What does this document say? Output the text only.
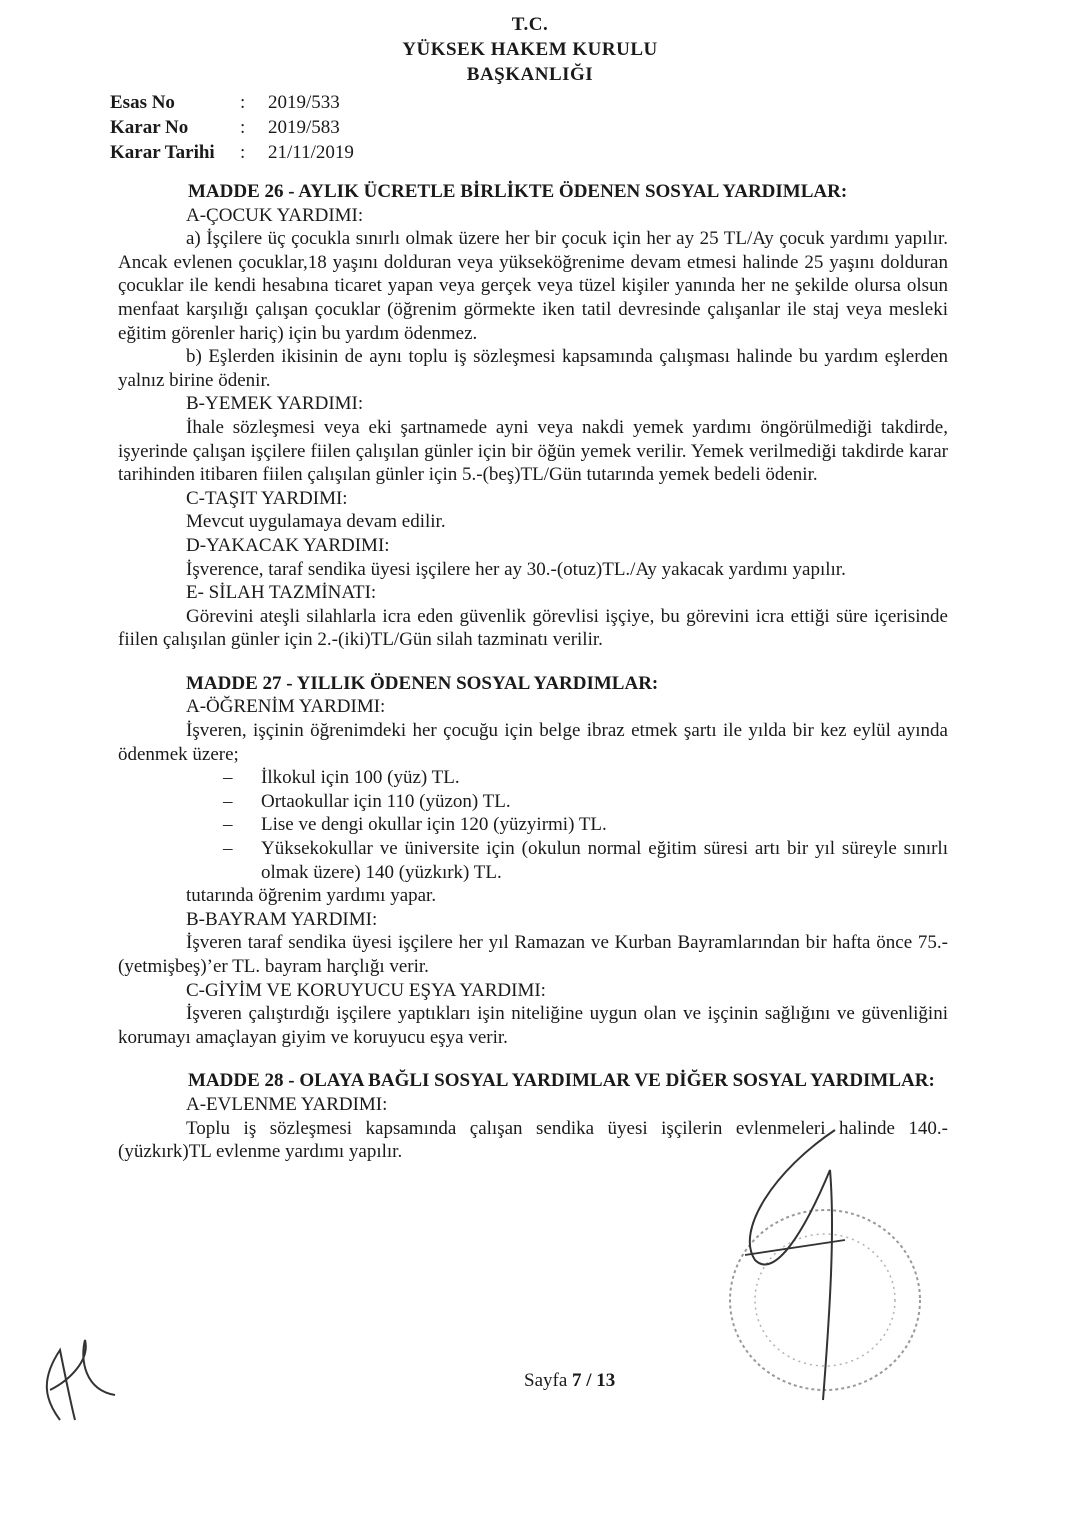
T.C.
YÜKSEK HAKEM KURULU
BAŞKANLIĞI
Esas No	:	2019/533
Karar No	:	2019/583
Karar Tarihi	:	21/11/2019
MADDE 26 - AYLIK ÜCRETLE BİRLİKTE ÖDENEN SOSYAL YARDIMLAR:
A-ÇOCUK YARDIMI:
a) İşçilere üç çocukla sınırlı olmak üzere her bir çocuk için her ay 25 TL/Ay çocuk yardımı yapılır. Ancak evlenen çocuklar,18 yaşını dolduran veya yükseköğrenime devam etmesi halinde 25 yaşını dolduran çocuklar ile kendi hesabına ticaret yapan veya gerçek veya tüzel kişiler yanında her ne şekilde olursa olsun menfaat karşılığı çalışan çocuklar (öğrenim görmekte iken tatil devresinde çalışanlar ile staj veya mesleki eğitim görenler hariç) için bu yardım ödenmez.
b) Eşlerden ikisinin de aynı toplu iş sözleşmesi kapsamında çalışması halinde bu yardım eşlerden yalnız birine ödenir.
B-YEMEK YARDIMI:
İhale sözleşmesi veya eki şartnamede ayni veya nakdi yemek yardımı öngörülmediği takdirde, işyerinde çalışan işçilere fiilen çalışılan günler için bir öğün yemek verilir. Yemek verilmediği takdirde karar tarihinden itibaren fiilen çalışılan günler için 5.-(beş)TL/Gün tutarında yemek bedeli ödenir.
C-TAŞIT YARDIMI:
Mevcut uygulamaya devam edilir.
D-YAKACAK YARDIMI:
İşverence, taraf sendika üyesi işçilere her ay 30.-(otuz)TL./Ay yakacak yardımı yapılır.
E- SİLAH TAZMİNATI:
Görevini ateşli silahlarla icra eden güvenlik görevlisi işçiye, bu görevini icra ettiği süre içerisinde fiilen çalışılan günler için 2.-(iki)TL/Gün silah tazminatı verilir.
MADDE 27 - YILLIK ÖDENEN SOSYAL YARDIMLAR:
A-ÖĞRENİM YARDIMI:
İşveren, işçinin öğrenimdeki her çocuğu için belge ibraz etmek şartı ile yılda bir kez eylül ayında ödenmek üzere;
–	İlkokul için 100 (yüz) TL.
–	Ortaokullar için 110 (yüzon) TL.
–	Lise ve dengi okullar için 120 (yüzyirmi) TL.
–	Yüksekokullar ve üniversite için (okulun normal eğitim süresi artı bir yıl süreyle sınırlı olmak üzere) 140 (yüzkırk) TL.
tutarında öğrenim yardımı yapar.
B-BAYRAM YARDIMI:
İşveren taraf sendika üyesi işçilere her yıl Ramazan ve Kurban Bayramlarından bir hafta önce 75.-(yetmişbeş)’er TL. bayram harçlığı verir.
C-GİYİM VE KORUYUCU EŞYA YARDIMI:
İşveren çalıştırdığı işçilere yaptıkları işin niteliğine uygun olan ve işçinin sağlığını ve güvenliğini korumayı amaçlayan giyim ve koruyucu eşya verir.
MADDE 28 - OLAYA BAĞLI SOSYAL YARDIMLAR VE DİĞER SOSYAL YARDIMLAR:
A-EVLENME YARDIMI:
Toplu iş sözleşmesi kapsamında çalışan sendika üyesi işçilerin evlenmeleri halinde 140.-(yüzkırk)TL evlenme yardımı yapılır.
Sayfa 7 / 13
